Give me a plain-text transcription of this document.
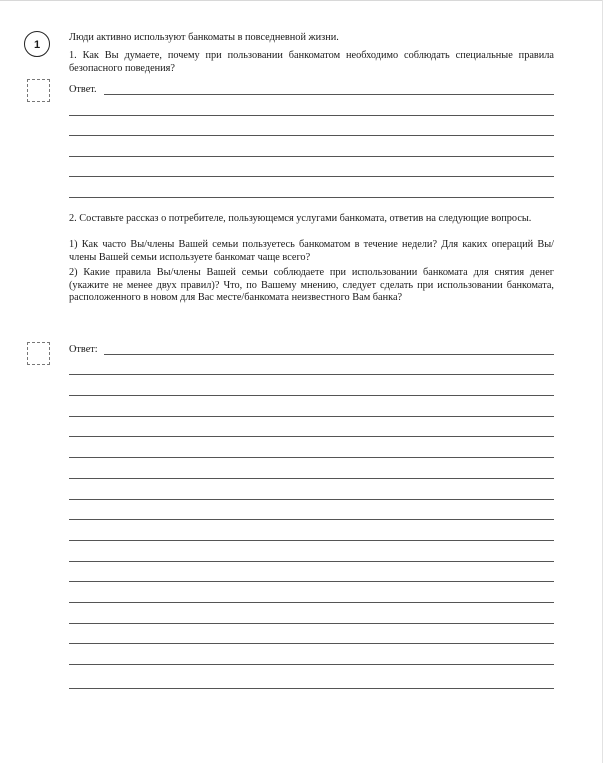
1
Люди активно используют банкоматы в повседневной жизни.
1. Как Вы думаете, почему при пользовании банкоматом необходимо соблюдать специальные правила безопасного поведения?
Ответ.
2. Составьте рассказ о потребителе, пользующемся услугами банкомата, ответив на следующие вопросы.
1) Как часто Вы/члены Вашей семьи пользуетесь банкоматом в течение недели? Для каких операций Вы/члены Вашей семьи используете банкомат чаще всего?
2) Какие правила Вы/члены Вашей семьи соблюдаете при использовании банкомата для снятия денег (укажите не менее двух правил)? Что, по Вашему мнению, следует сделать при использовании банкомата, расположенного в новом для Вас месте/банкомата неизвестного Вам банка?
Ответ:
